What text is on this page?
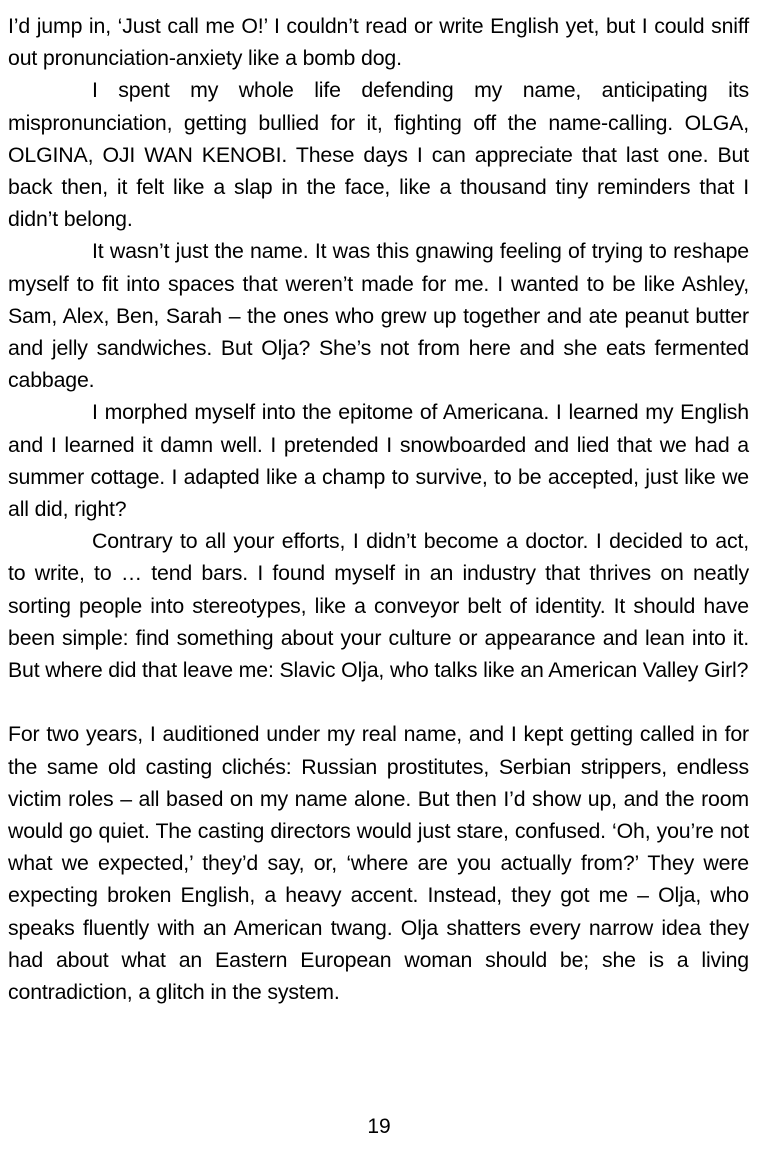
I’d jump in, ‘Just call me O!’ I couldn’t read or write English yet, but I could sniff out pronunciation-anxiety like a bomb dog.

I spent my whole life defending my name, anticipating its mispronunciation, getting bullied for it, fighting off the name-calling. OLGA, OLGINA, OJI WAN KENOBI. These days I can appreciate that last one. But back then, it felt like a slap in the face, like a thousand tiny reminders that I didn’t belong.

It wasn’t just the name. It was this gnawing feeling of trying to reshape myself to fit into spaces that weren’t made for me. I wanted to be like Ashley, Sam, Alex, Ben, Sarah – the ones who grew up together and ate peanut butter and jelly sandwiches. But Olja? She’s not from here and she eats fermented cabbage.

I morphed myself into the epitome of Americana. I learned my English and I learned it damn well. I pretended I snowboarded and lied that we had a summer cottage. I adapted like a champ to survive, to be accepted, just like we all did, right?

Contrary to all your efforts, I didn’t become a doctor. I decided to act, to write, to … tend bars. I found myself in an industry that thrives on neatly sorting people into stereotypes, like a conveyor belt of identity. It should have been simple: find something about your culture or appearance and lean into it. But where did that leave me: Slavic Olja, who talks like an American Valley Girl?

For two years, I auditioned under my real name, and I kept getting called in for the same old casting clichés: Russian prostitutes, Serbian strippers, endless victim roles – all based on my name alone. But then I’d show up, and the room would go quiet. The casting directors would just stare, confused. ‘Oh, you’re not what we expected,’ they’d say, or, ‘where are you actually from?’ They were expecting broken English, a heavy accent. Instead, they got me – Olja, who speaks fluently with an American twang. Olja shatters every narrow idea they had about what an Eastern European woman should be; she is a living contradiction, a glitch in the system.

19
